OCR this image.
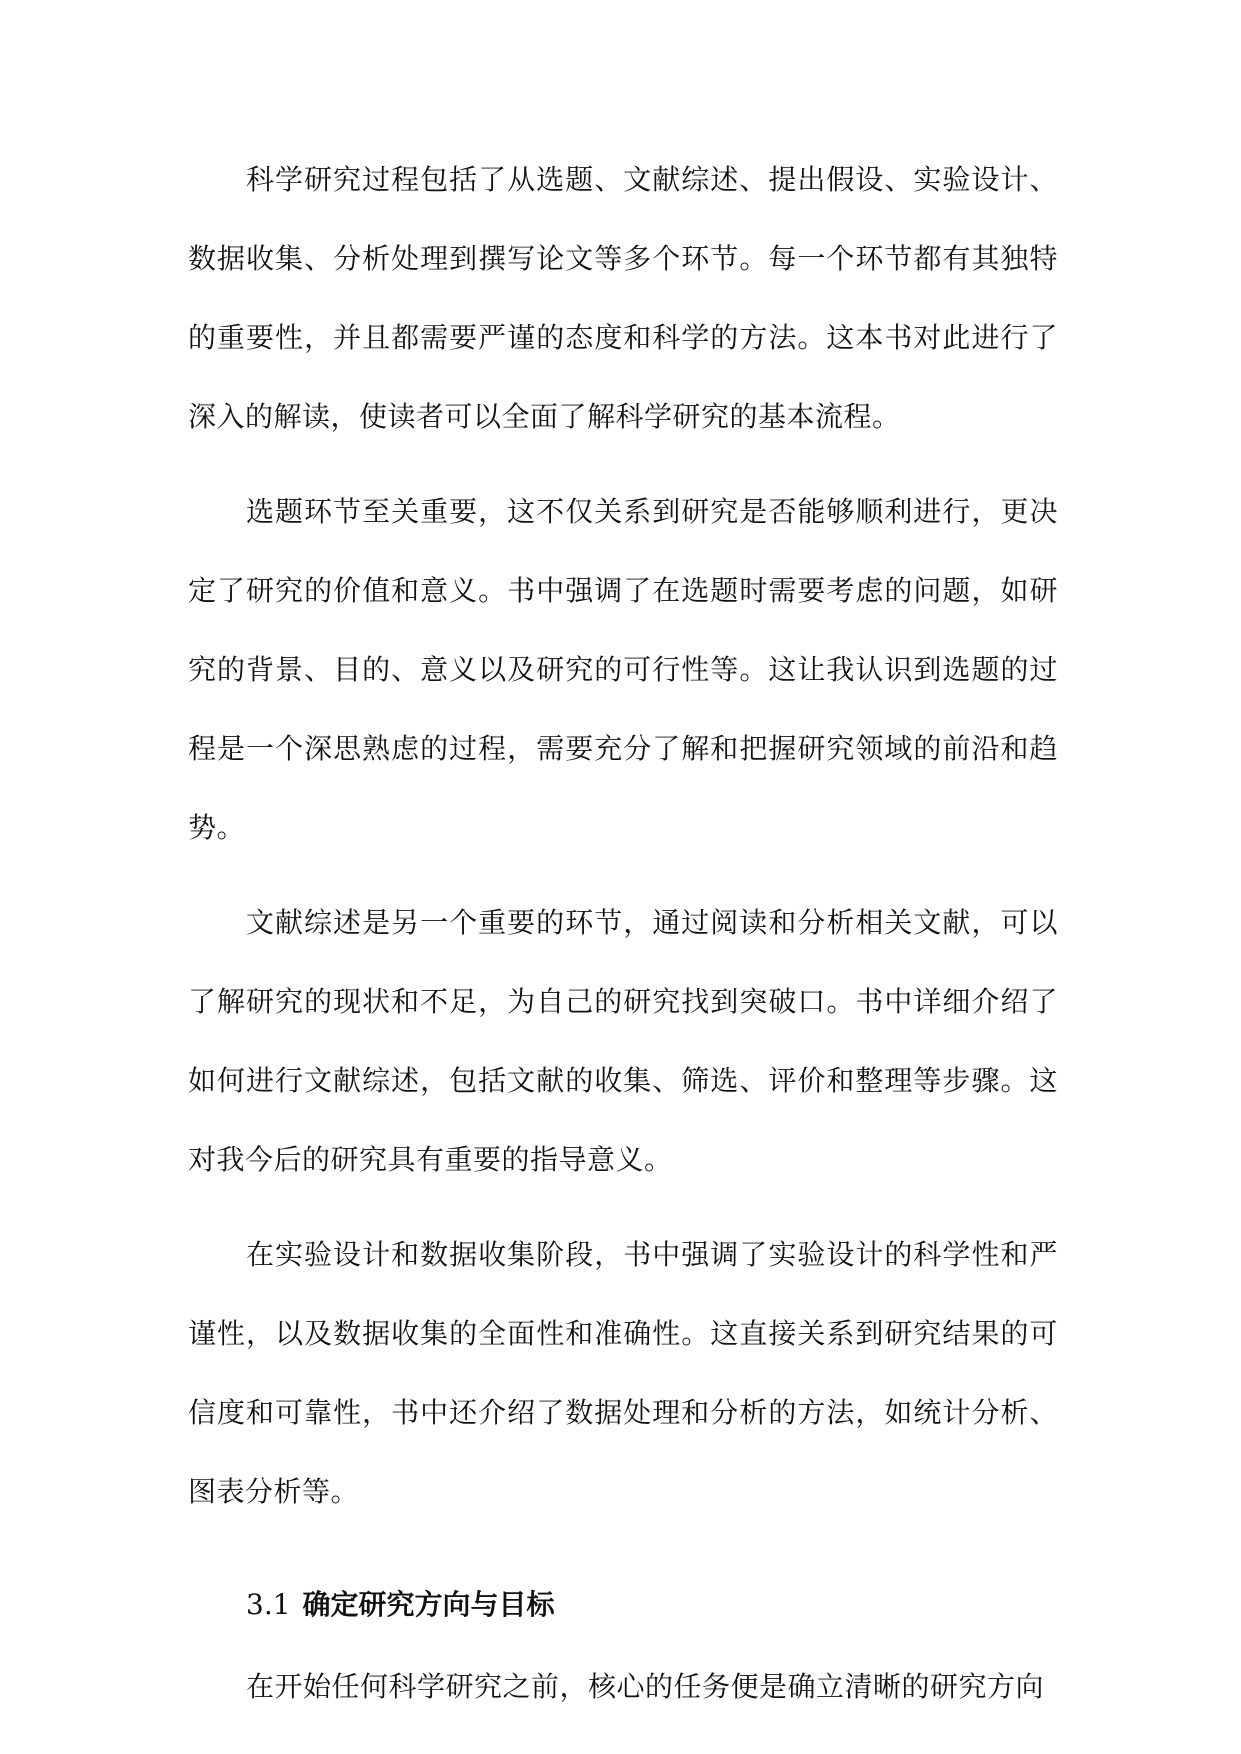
科学研究过程包括了从选题、文献综述、提出假设、实验设计、数据收集、分析处理到撰写论文等多个环节。每一个环节都有其独特的重要性，并且都需要严谨的态度和科学的方法。这本书对此进行了深入的解读，使读者可以全面了解科学研究的基本流程。

选题环节至关重要，这不仅关系到研究是否能够顺利进行，更决定了研究的价值和意义。书中强调了在选题时需要考虑的问题，如研究的背景、目的、意义以及研究的可行性等。这让我认识到选题的过程是一个深思熟虑的过程，需要充分了解和把握研究领域的前沿和趋势。

文献综述是另一个重要的环节，通过阅读和分析相关文献，可以了解研究的现状和不足，为自己的研究找到突破口。书中详细介绍了如何进行文献综述，包括文献的收集、筛选、评价和整理等步骤。这对我今后的研究具有重要的指导意义。

在实验设计和数据收集阶段，书中强调了实验设计的科学性和严谨性，以及数据收集的全面性和准确性。这直接关系到研究结果的可信度和可靠性，书中还介绍了数据处理和分析的方法，如统计分析、图表分析等。

3.1 确定研究方向与目标

在开始任何科学研究之前，核心的任务便是确立清晰的研究方向
